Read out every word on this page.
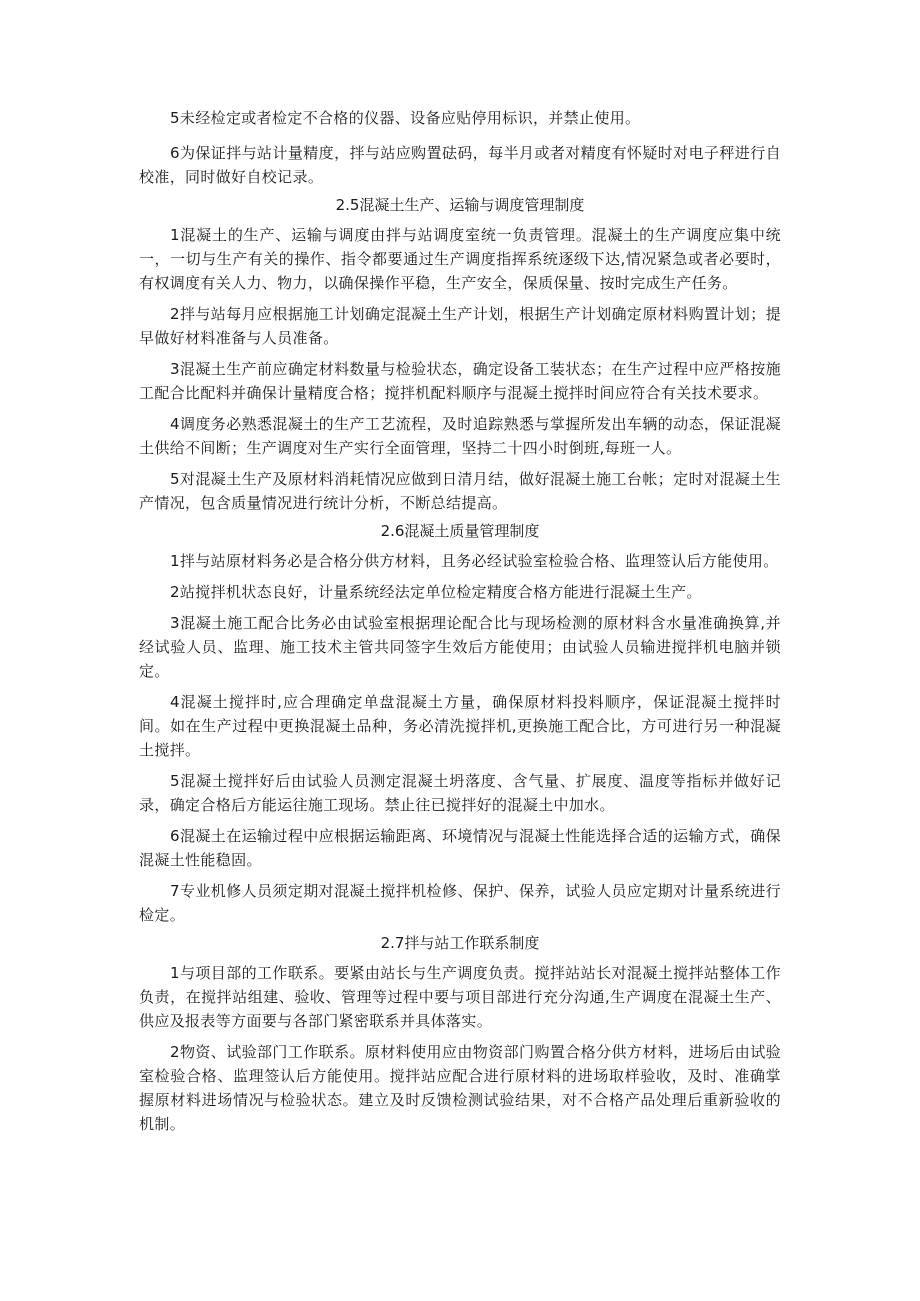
5未经检定或者检定不合格的仪器、设备应贴停用标识，并禁止使用。

6为保证拌与站计量精度，拌与站应购置砝码，每半月或者对精度有怀疑时对电子秤进行自校准，同时做好自校记录。

2.5混凝土生产、运输与调度管理制度

1混凝土的生产、运输与调度由拌与站调度室统一负责管理。混凝土的生产调度应集中统一，一切与生产有关的操作、指令都要通过生产调度指挥系统逐级下达,情况紧急或者必要时，有权调度有关人力、物力，以确保操作平稳，生产安全，保质保量、按时完成生产任务。

2拌与站每月应根据施工计划确定混凝土生产计划，根据生产计划确定原材料购置计划；提早做好材料准备与人员准备。

3混凝土生产前应确定材料数量与检验状态，确定设备工装状态；在生产过程中应严格按施工配合比配料并确保计量精度合格；搅拌机配料顺序与混凝土搅拌时间应符合有关技术要求。

4调度务必熟悉混凝土的生产工艺流程，及时追踪熟悉与掌握所发出车辆的动态，保证混凝土供给不间断；生产调度对生产实行全面管理，坚持二十四小时倒班,每班一人。

5对混凝土生产及原材料消耗情况应做到日清月结，做好混凝土施工台帐；定时对混凝土生产情况，包含质量情况进行统计分析，不断总结提高。

2.6混凝土质量管理制度

1拌与站原材料务必是合格分供方材料，且务必经试验室检验合格、监理签认后方能使用。

2站搅拌机状态良好，计量系统经法定单位检定精度合格方能进行混凝土生产。

3混凝土施工配合比务必由试验室根据理论配合比与现场检测的原材料含水量准确换算,并经试验人员、监理、施工技术主管共同签字生效后方能使用；由试验人员输进搅拌机电脑并锁定。

4混凝土搅拌时,应合理确定单盘混凝土方量，确保原材料投料顺序，保证混凝土搅拌时间。如在生产过程中更换混凝土品种，务必清洗搅拌机,更换施工配合比，方可进行另一种混凝土搅拌。

5混凝土搅拌好后由试验人员测定混凝土坍落度、含气量、扩展度、温度等指标并做好记录，确定合格后方能运往施工现场。禁止往已搅拌好的混凝土中加水。

6混凝土在运输过程中应根据运输距离、环境情况与混凝土性能选择合适的运输方式，确保混凝土性能稳固。

7专业机修人员须定期对混凝土搅拌机检修、保护、保养，试验人员应定期对计量系统进行检定。

2.7拌与站工作联系制度

1与项目部的工作联系。要紧由站长与生产调度负责。搅拌站站长对混凝土搅拌站整体工作负责，在搅拌站组建、验收、管理等过程中要与项目部进行充分沟通,生产调度在混凝土生产、供应及报表等方面要与各部门紧密联系并具体落实。

2物资、试验部门工作联系。原材料使用应由物资部门购置合格分供方材料，进场后由试验室检验合格、监理签认后方能使用。搅拌站应配合进行原材料的进场取样验收，及时、准确掌握原材料进场情况与检验状态。建立及时反馈检测试验结果，对不合格产品处理后重新验收的机制。
